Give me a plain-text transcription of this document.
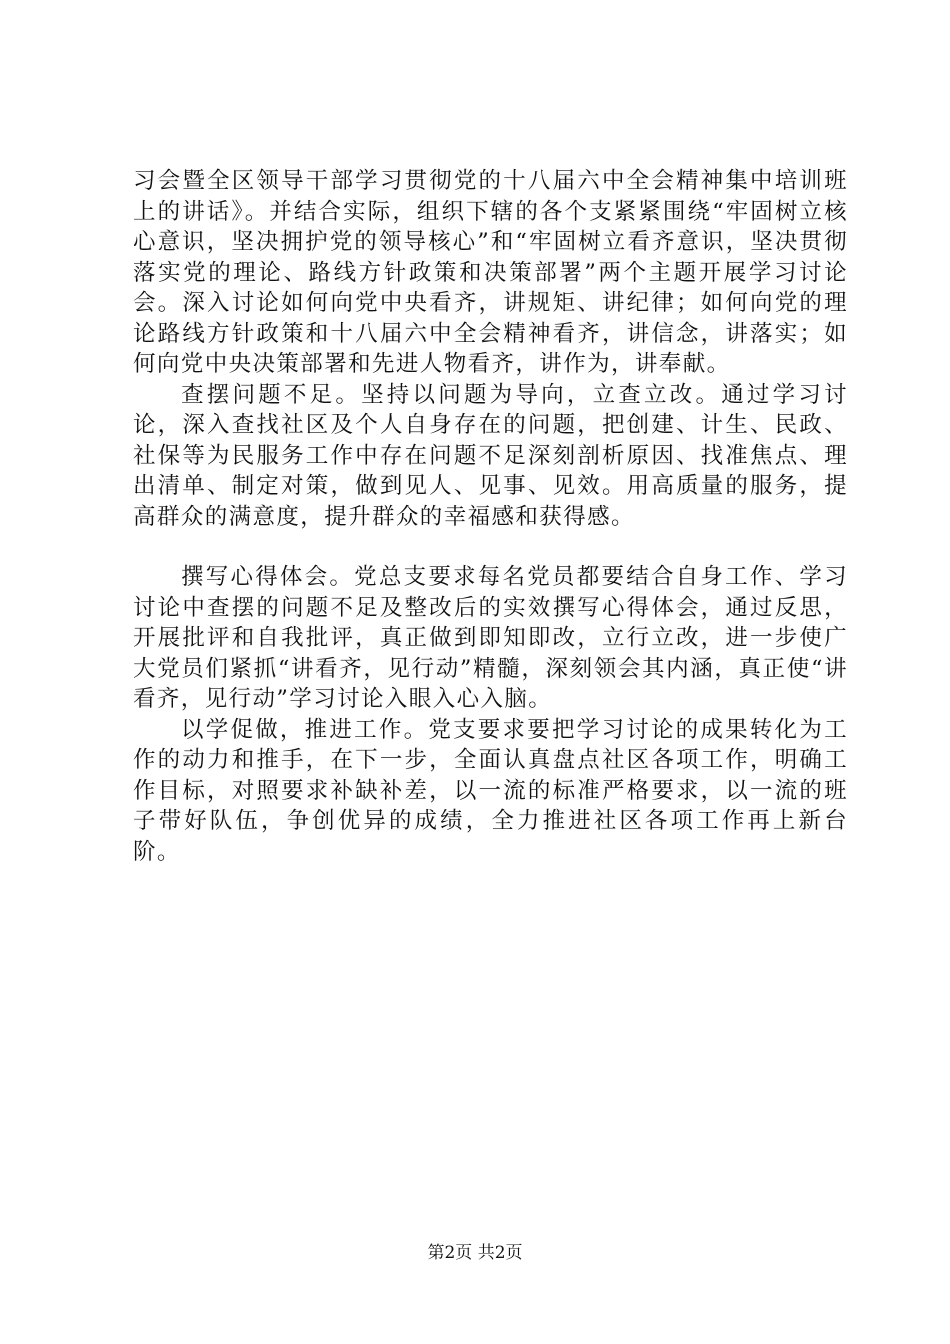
习会暨全区领导干部学习贯彻党的十八届六中全会精神集中培训班上的讲话》。并结合实际，组织下辖的各个支紧紧围绕“牢固树立核心意识，坚决拥护党的领导核心”和“牢固树立看齐意识，坚决贯彻落实党的理论、路线方针政策和决策部署”两个主题开展学习讨论会。深入讨论如何向党中央看齐，讲规矩、讲纪律；如何向党的理论路线方针政策和十八届六中全会精神看齐，讲信念，讲落实；如何向党中央决策部署和先进人物看齐，讲作为，讲奉献。

查摆问题不足。坚持以问题为导向，立查立改。通过学习讨论，深入查找社区及个人自身存在的问题，把创建、计生、民政、社保等为民服务工作中存在问题不足深刻剖析原因、找准焦点、理出清单、制定对策，做到见人、见事、见效。用高质量的服务，提高群众的满意度，提升群众的幸福感和获得感。

撰写心得体会。党总支要求每名党员都要结合自身工作、学习讨论中查摆的问题不足及整改后的实效撰写心得体会，通过反思，开展批评和自我批评，真正做到即知即改，立行立改，进一步使广大党员们紧抓“讲看齐，见行动”精髓，深刻领会其内涵，真正使“讲看齐，见行动”学习讨论入眼入心入脑。

以学促做，推进工作。党支要求要把学习讨论的成果转化为工作的动力和推手，在下一步，全面认真盘点社区各项工作，明确工作目标，对照要求补缺补差，以一流的标准严格要求，以一流的班子带好队伍，争创优异的成绩，全力推进社区各项工作再上新台阶。

第2页 共2页
